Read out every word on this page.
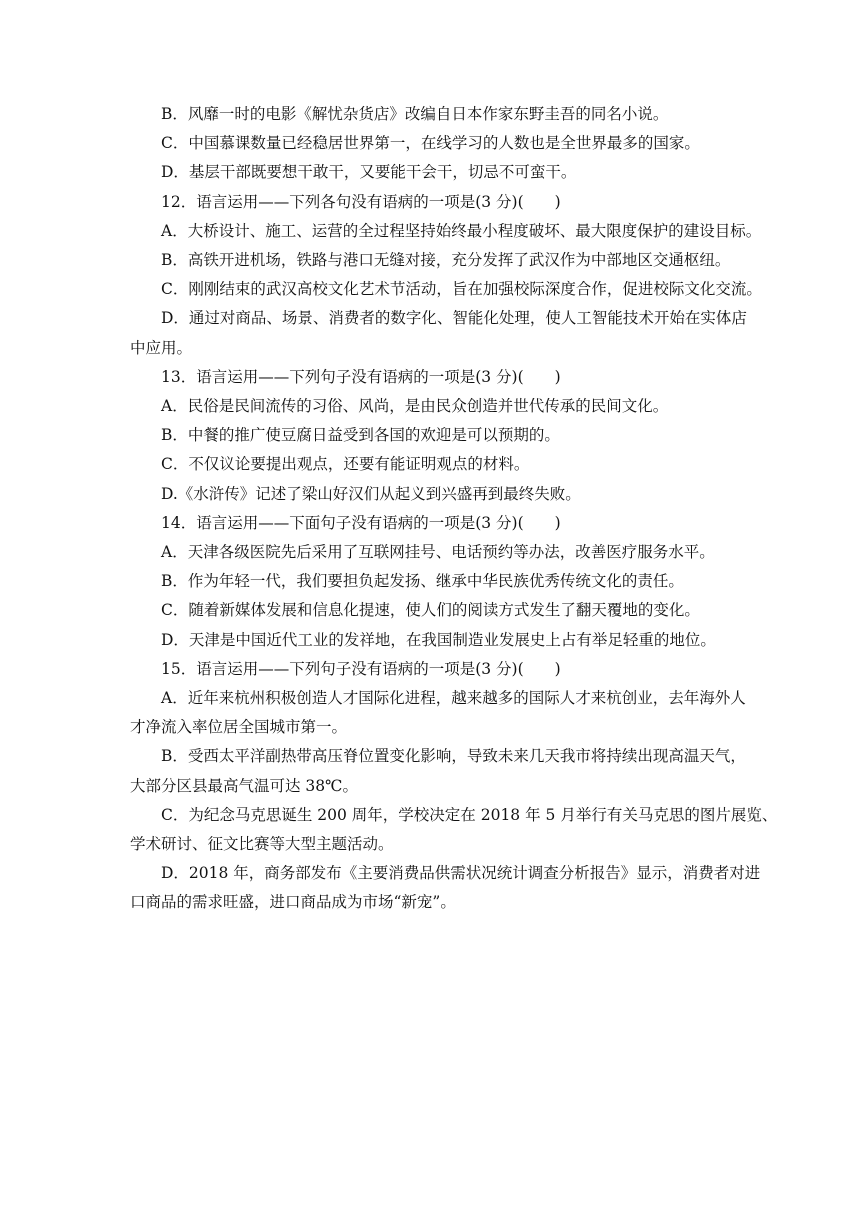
B．风靡一时的电影《解忧杂货店》改编自日本作家东野圭吾的同名小说。

C．中国慕课数量已经稳居世界第一，在线学习的人数也是全世界最多的国家。

D．基层干部既要想干敢干，又要能干会干，切忌不可蛮干。

12．语言运用——下列各句没有语病的一项是(3 分)(　　)

A．大桥设计、施工、运营的全过程坚持始终最小程度破坏、最大限度保护的建设目标。

B．高铁开进机场，铁路与港口无缝对接，充分发挥了武汉作为中部地区交通枢纽。

C．刚刚结束的武汉高校文化艺术节活动，旨在加强校际深度合作，促进校际文化交流。

D．通过对商品、场景、消费者的数字化、智能化处理，使人工智能技术开始在实体店

中应用。

13．语言运用——下列句子没有语病的一项是(3 分)(　　)

A．民俗是民间流传的习俗、风尚，是由民众创造并世代传承的民间文化。

B．中餐的推广使豆腐日益受到各国的欢迎是可以预期的。

C．不仅议论要提出观点，还要有能证明观点的材料。

D.《水浒传》记述了梁山好汉们从起义到兴盛再到最终失败。

14．语言运用——下面句子没有语病的一项是(3 分)(　　)

A．天津各级医院先后采用了互联网挂号、电话预约等办法，改善医疗服务水平。

B．作为年轻一代，我们要担负起发扬、继承中华民族优秀传统文化的责任。

C．随着新媒体发展和信息化提速，使人们的阅读方式发生了翻天覆地的变化。

D．天津是中国近代工业的发祥地，在我国制造业发展史上占有举足轻重的地位。

15．语言运用——下列句子没有语病的一项是(3 分)(　　)

A．近年来杭州积极创造人才国际化进程，越来越多的国际人才来杭创业，去年海外人

才净流入率位居全国城市第一。

B．受西太平洋副热带高压脊位置变化影响，导致未来几天我市将持续出现高温天气，

大部分区县最高气温可达 38℃。

C．为纪念马克思诞生 200 周年，学校决定在 2018 年 5 月举行有关马克思的图片展览、

学术研讨、征文比赛等大型主题活动。

D．2018 年，商务部发布《主要消费品供需状况统计调查分析报告》显示，消费者对进

口商品的需求旺盛，进口商品成为市场“新宠”。
